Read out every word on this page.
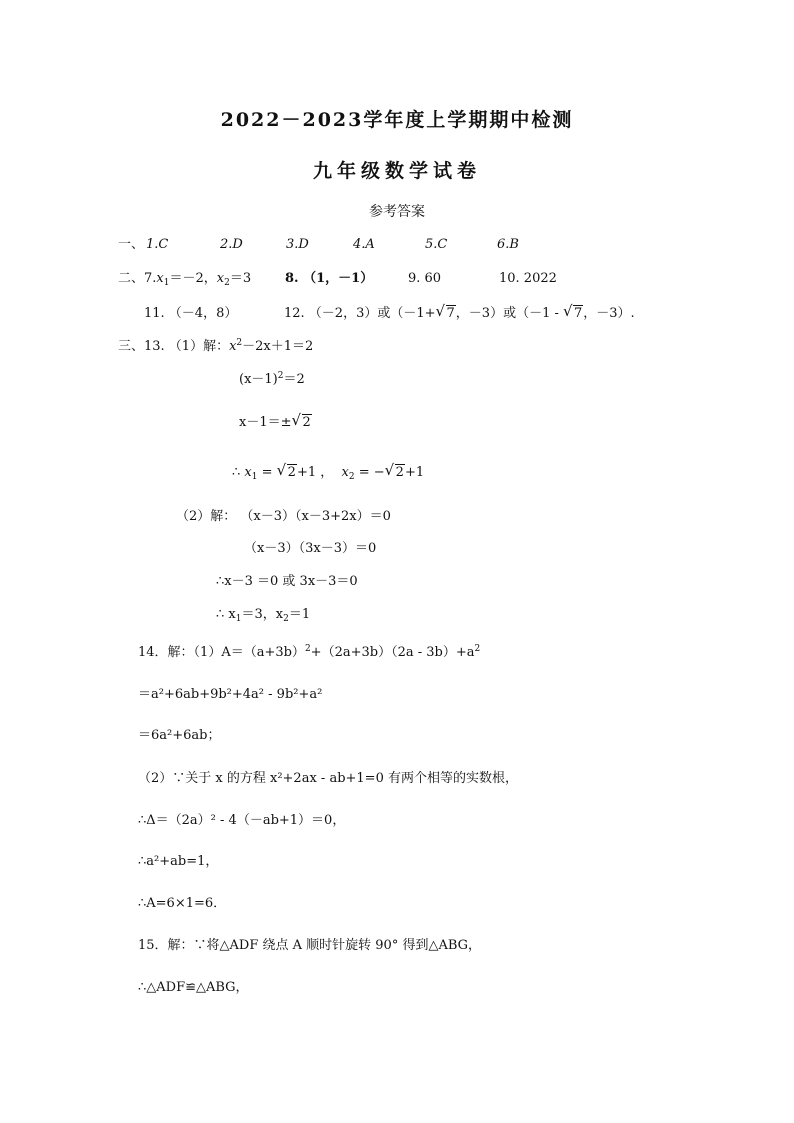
2022－2023学年度上学期期中检测
九年级数学试卷
参考答案
一、 1.C	2.D	3.D	4.A	5.C	6.B
二、$7.x_1=-2$，$x_2=3$	8. （1，－1）	9. 60	10. 2022
11. （－4，8）	12. （－2，3）或（－1+ √ 7，－3）或（－1 - √ 7，－3）.
三、13. （1）解：$x^2-2x+1=2$
$(x-1)^2=2$
x－1＝± √ 2
∴ $x_1$ = √ 2+1 ， $x_2$ = − √ 2+1
（2）解： （x－3）（x－3+2x）＝0
（x－3）（3x－3）＝0
∴x－3 ＝0 或 3x－3＝0
∴ $x_1=3$，$x_2=1$
14．解：$(1)A=(a+3b)^2+(2a+3b)(2a - 3b)+a^2$
＝a²+6ab+9b²+4a² - 9b²+a²
＝6a²+6ab；
（2）∵关于 x 的方程 x²+2ax - ab+1=0 有两个相等的实数根，
∴Δ＝（2a）² - 4（－ab+1）＝0，
∴a²+ab=1，
∴A=6×1=6．
15．解：∵将△ADF 绕点 A 顺时针旋转 90° 得到△ABG，
∴△ADF≌△ABG，
